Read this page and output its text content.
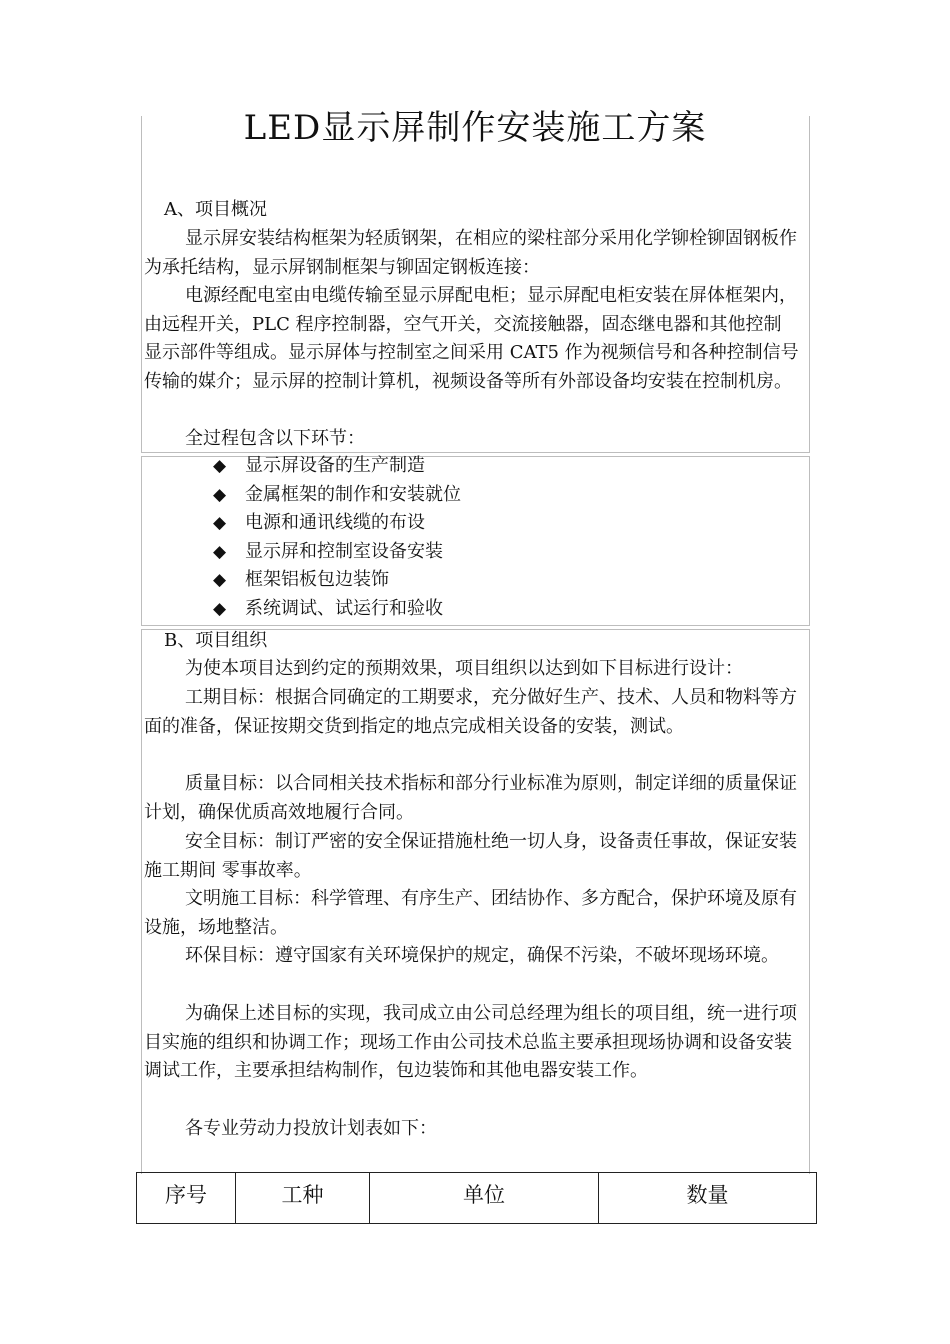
LED显示屏制作安装施工方案
A、项目概况
显示屏安装结构框架为轻质钢架，在相应的梁柱部分采用化学铆栓铆固钢板作为承托结构，显示屏钢制框架与铆固定钢板连接：
电源经配电室由电缆传输至显示屏配电柜；显示屏配电柜安装在屏体框架内，由远程开关，PLC 程序控制器，空气开关，交流接触器，固态继电器和其他控制显示部件等组成。显示屏体与控制室之间采用 CAT5 作为视频信号和各种控制信号传输的媒介；显示屏的控制计算机，视频设备等所有外部设备均安装在控制机房。
全过程包含以下环节：
◆ 显示屏设备的生产制造
◆ 金属框架的制作和安装就位
◆ 电源和通讯线缆的布设
◆ 显示屏和控制室设备安装
◆ 框架铝板包边装饰
◆ 系统调试、试运行和验收
B、项目组织
为使本项目达到约定的预期效果，项目组织以达到如下目标进行设计：
工期目标：根据合同确定的工期要求，充分做好生产、技术、人员和物料等方面的准备，保证按期交货到指定的地点完成相关设备的安装，测试。
质量目标：以合同相关技术指标和部分行业标准为原则，制定详细的质量保证计划，确保优质高效地履行合同。
安全目标：制订严密的安全保证措施杜绝一切人身，设备责任事故，保证安装施工期间 零事故率。
文明施工目标：科学管理、有序生产、团结协作、多方配合，保护环境及原有设施，场地整洁。
环保目标：遵守国家有关环境保护的规定，确保不污染，不破坏现场环境。
为确保上述目标的实现，我司成立由公司总经理为组长的项目组，统一进行项目实施的组织和协调工作；现场工作由公司技术总监主要承担现场协调和设备安装调试工作，主要承担结构制作，包边装饰和其他电器安装工作。
各专业劳动力投放计划表如下：
序号	工种	单位	数量
